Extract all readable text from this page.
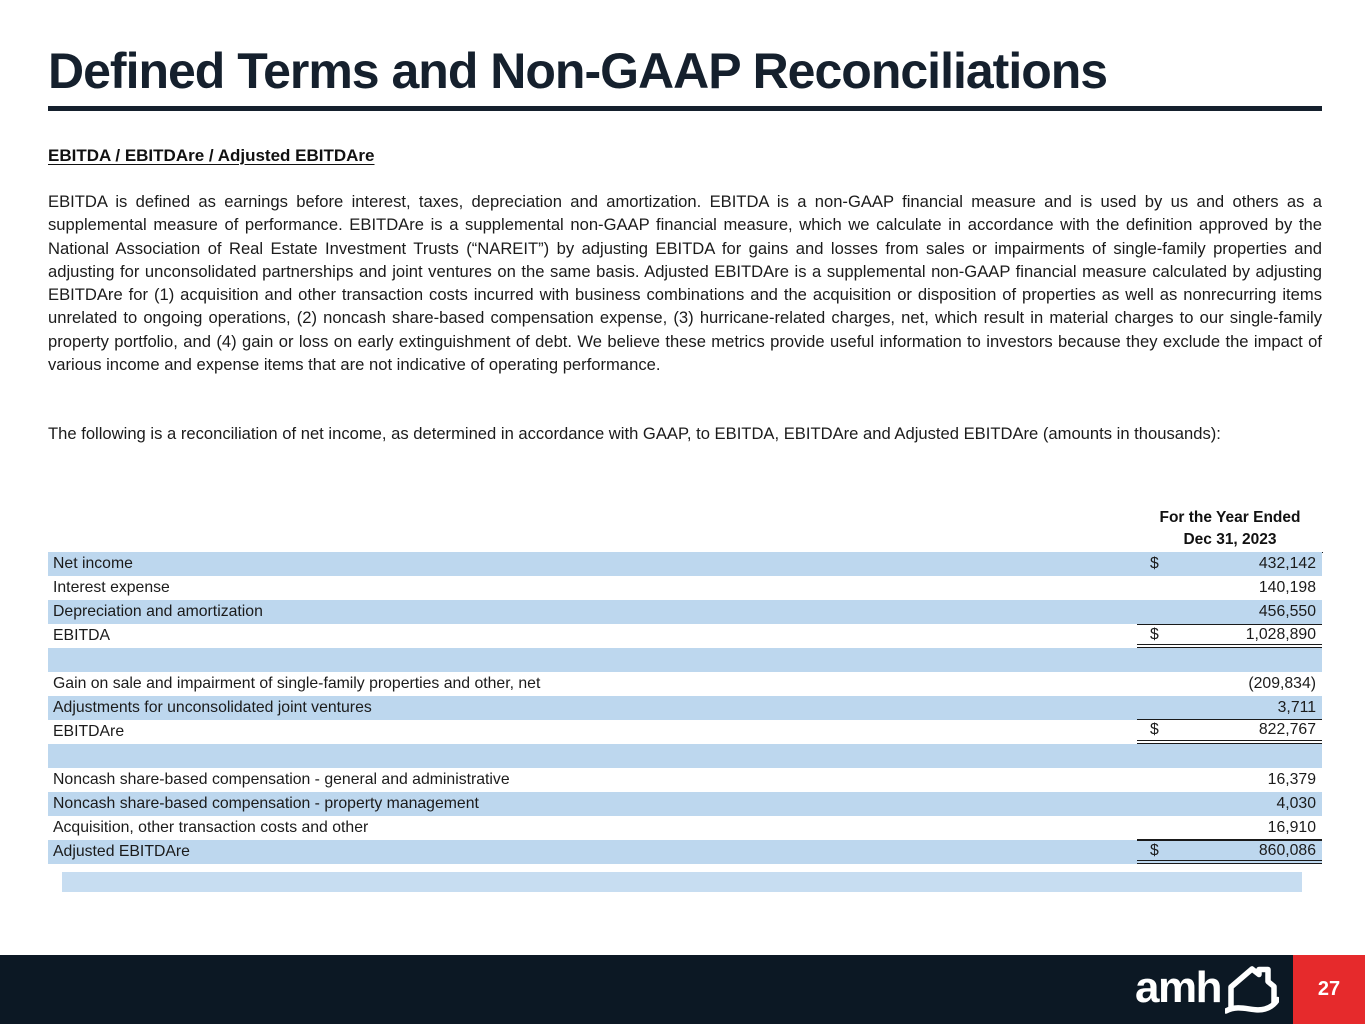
Defined Terms and Non-GAAP Reconciliations
EBITDA / EBITDAre / Adjusted EBITDAre

EBITDA is defined as earnings before interest, taxes, depreciation and amortization. EBITDA is a non-GAAP financial measure and is used by us and others as a supplemental measure of performance. EBITDAre is a supplemental non-GAAP financial measure, which we calculate in accordance with the definition approved by the National Association of Real Estate Investment Trusts (“NAREIT”) by adjusting EBITDA for gains and losses from sales or impairments of single-family properties and adjusting for unconsolidated partnerships and joint ventures on the same basis. Adjusted EBITDAre is a supplemental non-GAAP financial measure calculated by adjusting EBITDAre for (1) acquisition and other transaction costs incurred with business combinations and the acquisition or disposition of properties as well as nonrecurring items unrelated to ongoing operations, (2) noncash share-based compensation expense, (3) hurricane-related charges, net, which result in material charges to our single-family property portfolio, and (4) gain or loss on early extinguishment of debt. We believe these metrics provide useful information to investors because they exclude the impact of various income and expense items that are not indicative of operating performance.

The following is a reconciliation of net income, as determined in accordance with GAAP, to EBITDA, EBITDAre and Adjusted EBITDAre (amounts in thousands):

For the Year Ended
Dec 31, 2023
Net income	$	432,142
Interest expense	140,198
Depreciation and amortization	456,550
EBITDA	$	1,028,890
Gain on sale and impairment of single-family properties and other, net	(209,834)
Adjustments for unconsolidated joint ventures	3,711
EBITDAre	$	822,767
Noncash share-based compensation - general and administrative	16,379
Noncash share-based compensation - property management	4,030
Acquisition, other transaction costs and other	16,910
Adjusted EBITDAre	$	860,086
amh	27
